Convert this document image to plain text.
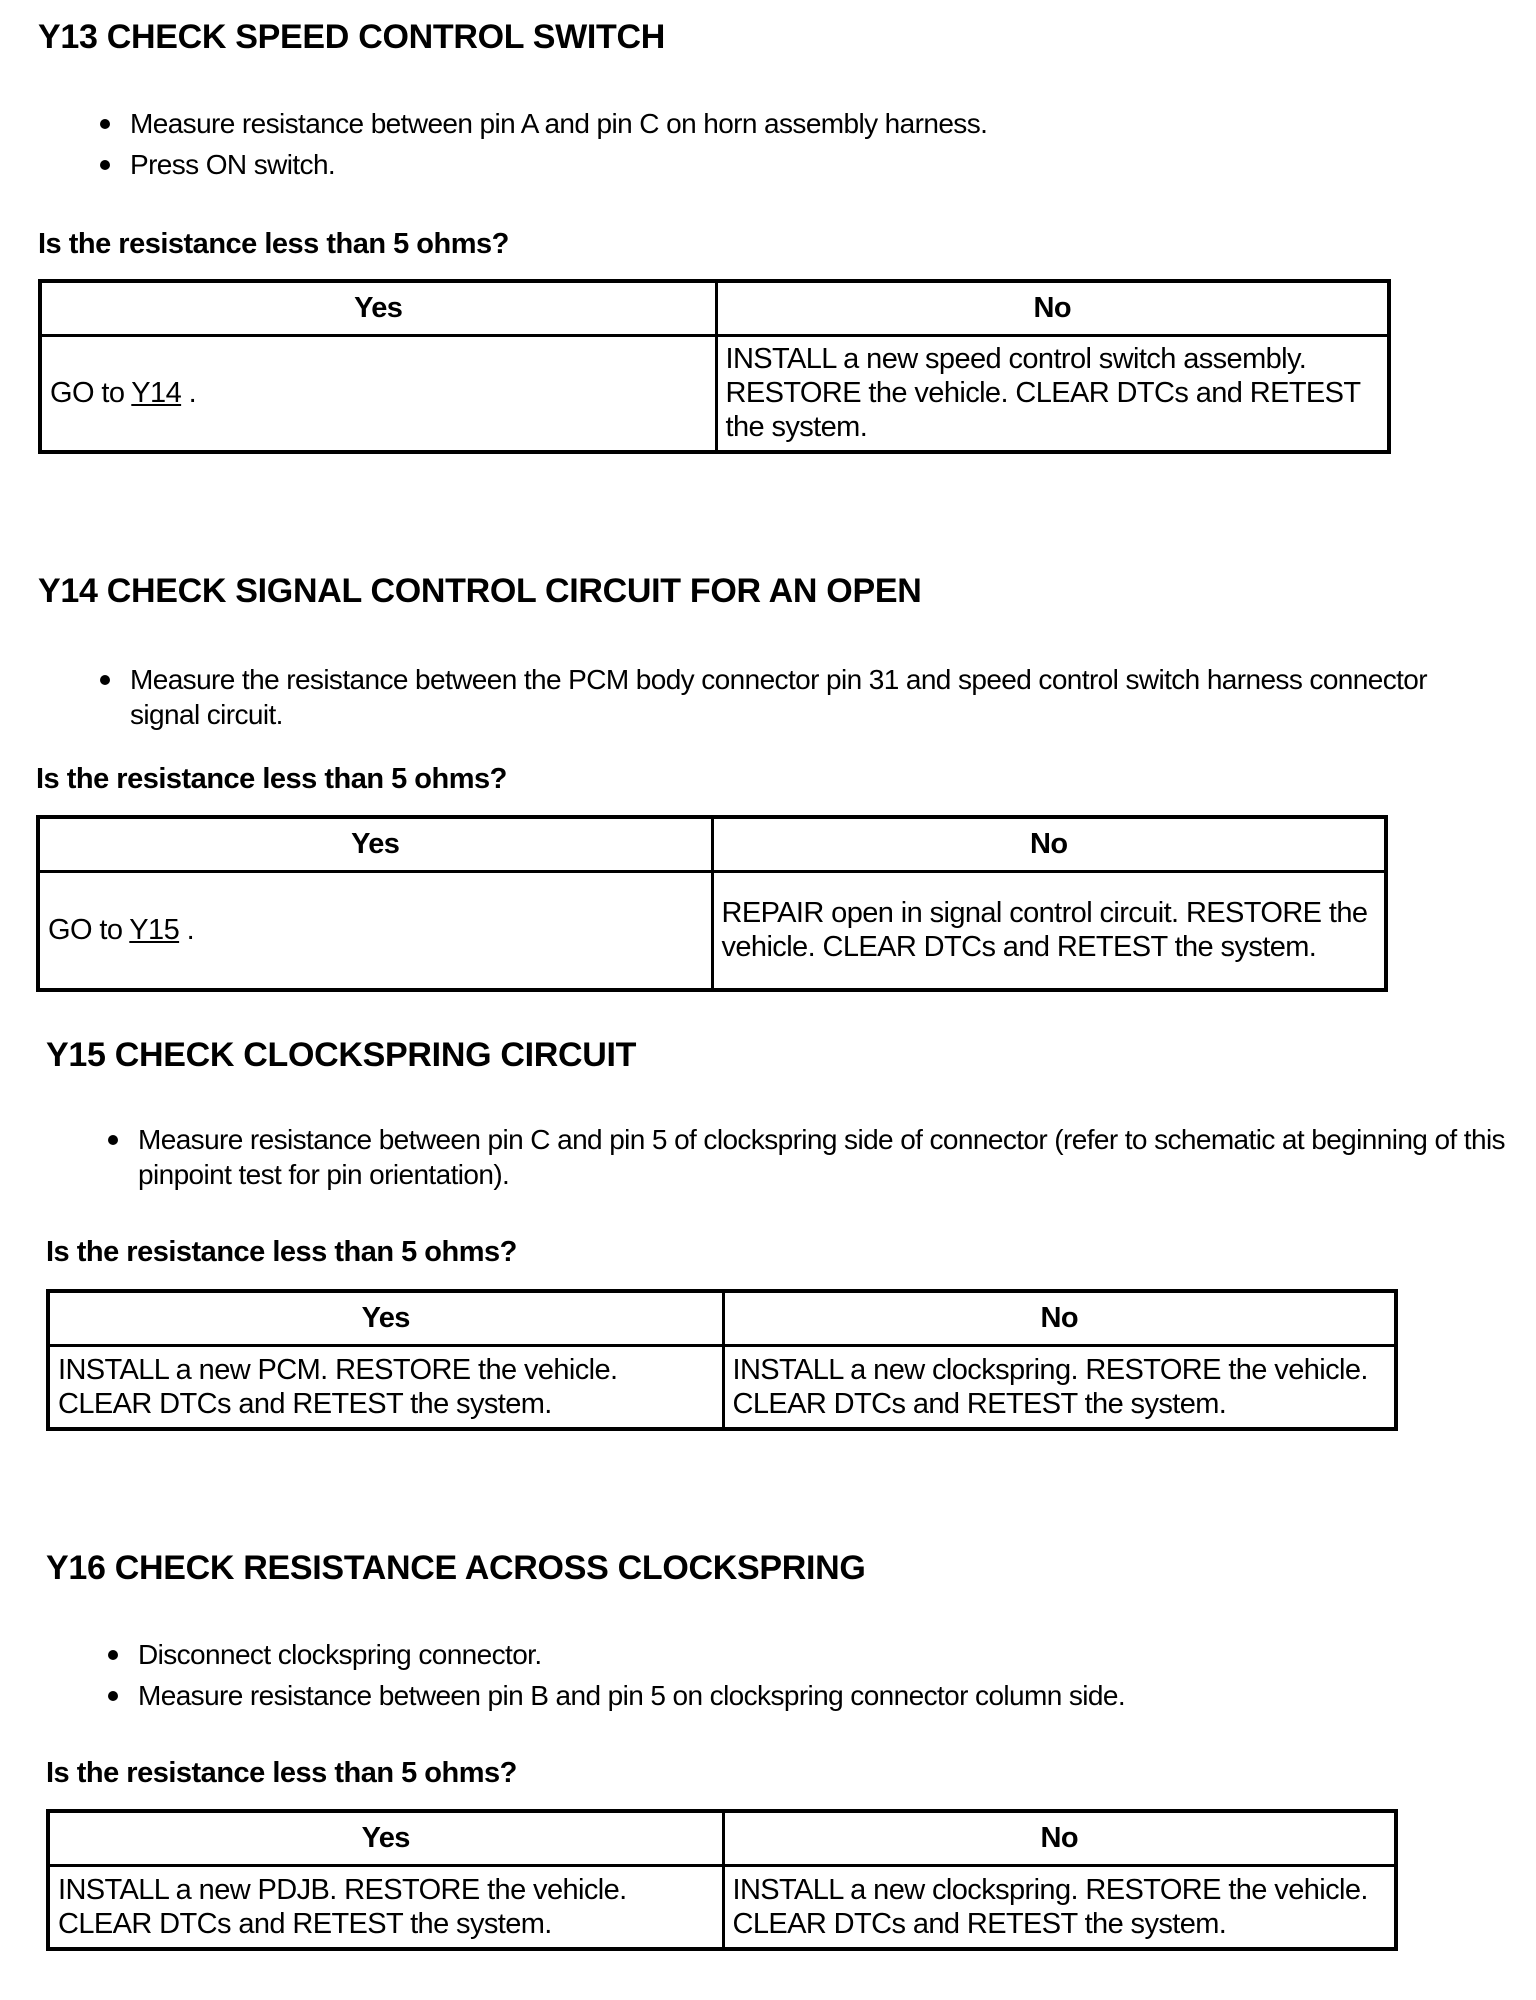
Y13 CHECK SPEED CONTROL SWITCH
Measure resistance between pin A and pin C on horn assembly harness.
Press ON switch.
Is the resistance less than 5 ohms?
Yes	No
GO to Y14 .	INSTALL a new speed control switch assembly. RESTORE the vehicle. CLEAR DTCs and RETEST the system.
Y14 CHECK SIGNAL CONTROL CIRCUIT FOR AN OPEN
Measure the resistance between the PCM body connector pin 31 and speed control switch harness connector signal circuit.
Is the resistance less than 5 ohms?
Yes	No
GO to Y15 .	REPAIR open in signal control circuit. RESTORE the vehicle. CLEAR DTCs and RETEST the system.
Y15 CHECK CLOCKSPRING CIRCUIT
Measure resistance between pin C and pin 5 of clockspring side of connector (refer to schematic at beginning of this pinpoint test for pin orientation).
Is the resistance less than 5 ohms?
Yes	No
INSTALL a new PCM. RESTORE the vehicle. CLEAR DTCs and RETEST the system.	INSTALL a new clockspring. RESTORE the vehicle. CLEAR DTCs and RETEST the system.
Y16 CHECK RESISTANCE ACROSS CLOCKSPRING
Disconnect clockspring connector.
Measure resistance between pin B and pin 5 on clockspring connector column side.
Is the resistance less than 5 ohms?
Yes	No
INSTALL a new PDJB. RESTORE the vehicle. CLEAR DTCs and RETEST the system.	INSTALL a new clockspring. RESTORE the vehicle. CLEAR DTCs and RETEST the system.
